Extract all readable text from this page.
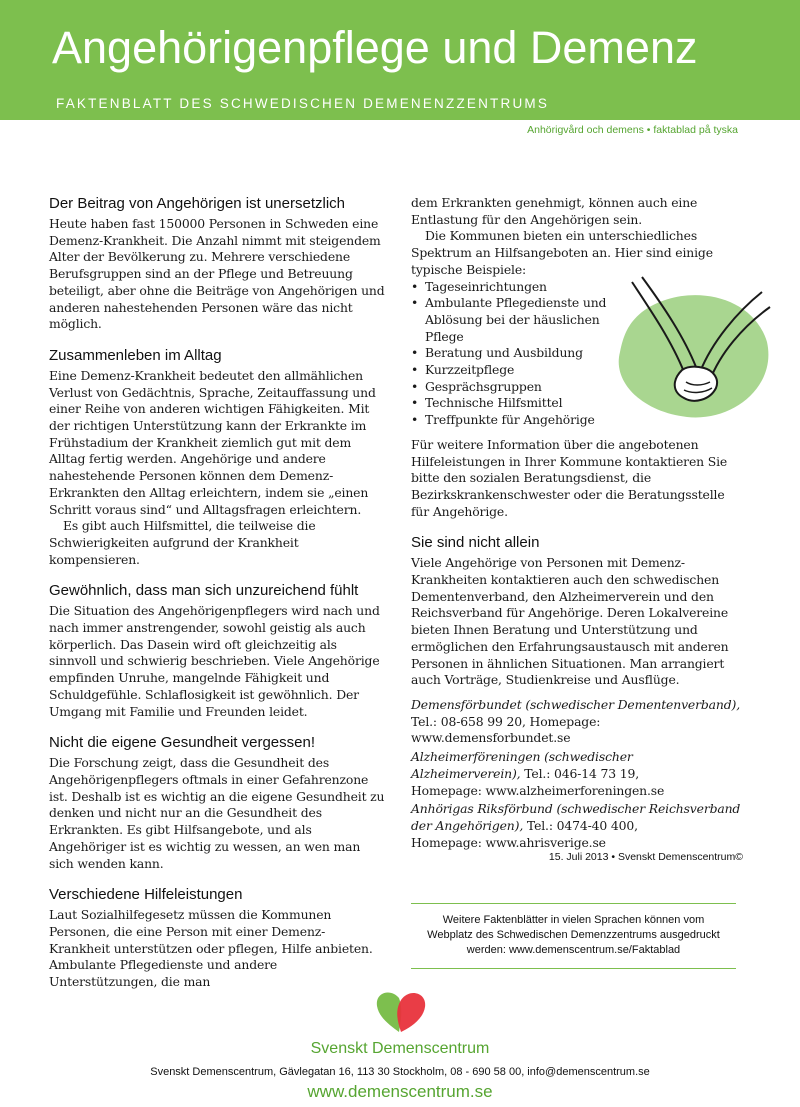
Angehörigenpflege und Demenz
FAKTENBLATT DES SCHWEDISCHEN DEMENENZZENTRUMS
Anhörigvård och demens • faktablad på tyska
Der Beitrag von Angehörigen ist unersetzlich

Heute haben fast 150000 Personen in Schweden eine Demenz-Krankheit. Die Anzahl nimmt mit steigendem Alter der Bevölkerung zu. Mehrere verschiedene Berufsgruppen sind an der Pflege und Betreuung beteiligt, aber ohne die Beiträge von Angehörigen und anderen nahestehenden Personen wäre das nicht möglich.

Zusammenleben im Alltag

Eine Demenz-Krankheit bedeutet den allmählichen Verlust von Gedächtnis, Sprache, Zeitauffassung und einer Reihe von anderen wichtigen Fähigkeiten. Mit der richtigen Unterstützung kann der Erkrankte im Frühstadium der Krankheit ziemlich gut mit dem Alltag fertig werden. Angehörige und andere nahestehende Personen können dem Demenz-Erkrankten den Alltag erleichtern, indem sie „einen Schritt voraus sind“ und Alltagsfragen erleichtern.

Es gibt auch Hilfsmittel, die teilweise die Schwierigkeiten aufgrund der Krankheit kompensieren.

Gewöhnlich, dass man sich unzureichend fühlt

Die Situation des Angehörigenpflegers wird nach und nach immer anstrengender, sowohl geistig als auch körperlich. Das Dasein wird oft gleichzeitig als sinnvoll und schwierig beschrieben. Viele Angehörige empfinden Unruhe, mangelnde Fähigkeit und Schuldgefühle. Schlaflosigkeit ist gewöhnlich. Der Umgang mit Familie und Freunden leidet.

Nicht die eigene Gesundheit vergessen!

Die Forschung zeigt, dass die Gesundheit des Angehörigenpflegers oftmals in einer Gefahrenzone ist. Deshalb ist es wichtig an die eigene Gesundheit zu denken und nicht nur an die Gesundheit des Erkrankten. Es gibt Hilfsangebote, und als Angehöriger ist es wichtig zu wessen, an wen man sich wenden kann.

Verschiedene Hilfeleistungen

Laut Sozialhilfegesetz müssen die Kommunen Personen, die eine Person mit einer Demenz-Krankheit unterstützen oder pflegen, Hilfe anbieten. Ambulante Pflegedienste und andere Unterstützungen, die man

dem Erkrankten genehmigt, können auch eine Entlastung für den Angehörigen sein.

Die Kommunen bieten ein unterschiedliches Spektrum an Hilfsangeboten an. Hier sind einige typische Beispiele:

• Tageseinrichtungen
• Ambulante Pflegedienste und Ablösung bei der häuslichen Pflege
• Beratung und Ausbildung
• Kurzzeitpflege
• Gesprächsgruppen
• Technische Hilfsmittel
• Treffpunkte für Angehörige

Für weitere Information über die angebotenen Hilfeleistungen in Ihrer Kommune kontaktieren Sie bitte den sozialen Beratungsdienst, die Bezirkskrankenschwester oder die Beratungsstelle für Angehörige.

Sie sind nicht allein

Viele Angehörige von Personen mit Demenz-Krankheiten kontaktieren auch den schwedischen Dementenverband, den Alzheimerverein und den Reichsverband für Angehörige. Deren Lokalvereine bieten Ihnen Beratung und Unterstützung und ermöglichen den Erfahrungsaustausch mit anderen Personen in ähnlichen Situationen. Man arrangiert auch Vorträge, Studienkreise und Ausflüge.

Demensförbundet (schwedischer Dementenverband),
Tel.: 08-658 99 20, Homepage: www.demensforbundet.se
Alzheimerföreningen (schwedischer Alzheimerverein), Tel.: 046-14 73 19,
Homepage: www.alzheimerforeningen.se
Anhörigas Riksförbund (schwedischer Reichsverband der Angehörigen), Tel.: 0474-40 400,
Homepage: www.ahrisverige.se
15. Juli 2013 • Svenskt Demenscentrum©
Weitere Faktenblätter in vielen Sprachen können vom
Webplatz des Schwedischen Demenzzentrums ausgedruckt
werden: www.demenscentrum.se/Faktablad
Svenskt Demenscentrum
Svenskt Demenscentrum, Gävlegatan 16, 113 30 Stockholm, 08 - 690 58 00, info@demenscentrum.se
www.demenscentrum.se
